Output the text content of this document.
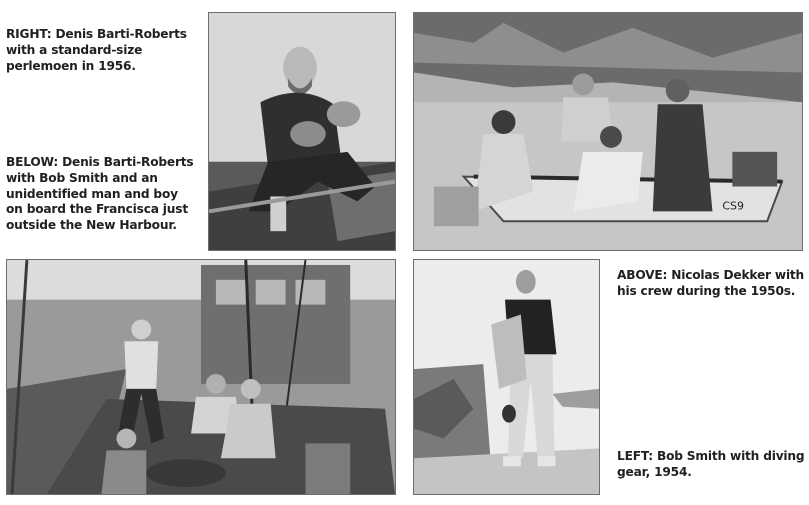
RIGHT: Denis Barti-Roberts with a standard-size perlemoen in 1956.
BELOW: Denis Barti-Roberts with Bob Smith and an unidentified man and boy on board the Francisca just outside the New Harbour.
ABOVE: Nicolas Dekker with his crew during the 1950s.
LEFT: Bob Smith with diving gear, 1954.
CS9
